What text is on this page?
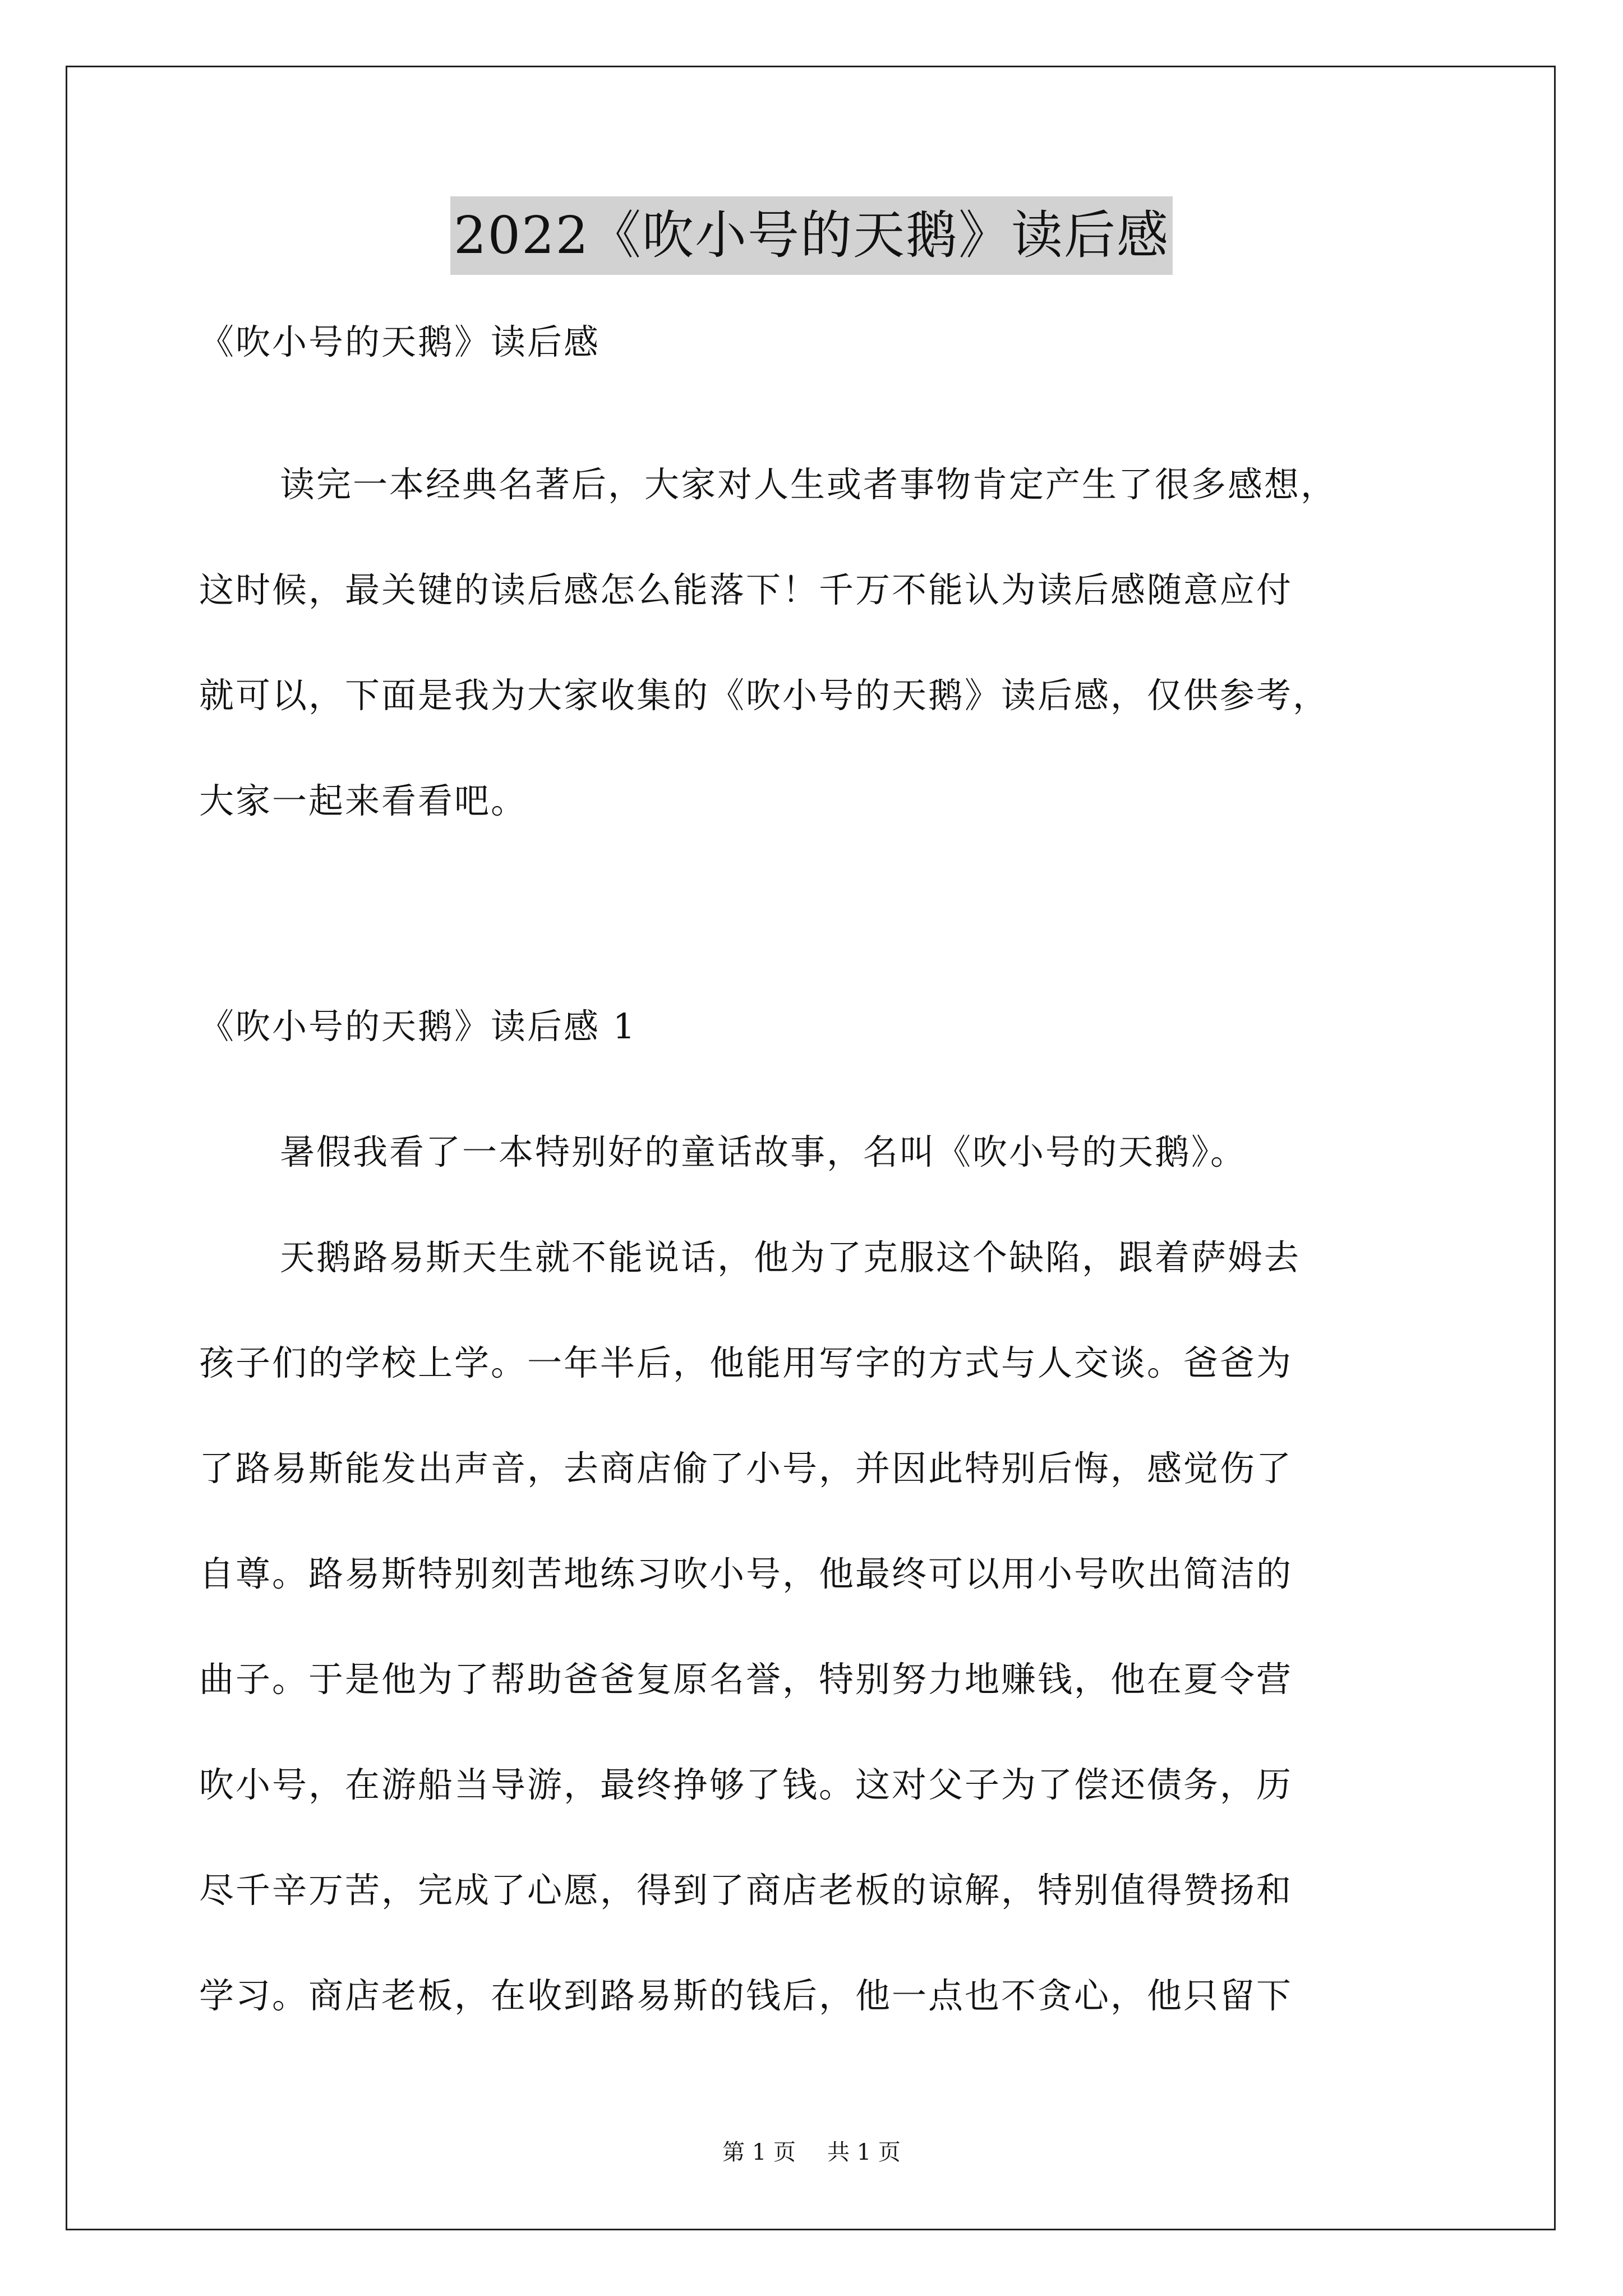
2022《吹小号的天鹅》读后感
《吹小号的天鹅》读后感
读完一本经典名著后，大家对人生或者事物肯定产生了很多感想，
这时候，最关键的读后感怎么能落下！千万不能认为读后感随意应付
就可以，下面是我为大家收集的《吹小号的天鹅》读后感，仅供参考，
大家一起来看看吧。
《吹小号的天鹅》读后感 1
暑假我看了一本特别好的童话故事，名叫《吹小号的天鹅》。
天鹅路易斯天生就不能说话，他为了克服这个缺陷，跟着萨姆去
孩子们的学校上学。一年半后，他能用写字的方式与人交谈。爸爸为
了路易斯能发出声音，去商店偷了小号，并因此特别后悔，感觉伤了
自尊。路易斯特别刻苦地练习吹小号，他最终可以用小号吹出简洁的
曲子。于是他为了帮助爸爸复原名誉，特别努力地赚钱，他在夏令营
吹小号，在游船当导游，最终挣够了钱。这对父子为了偿还债务，历
尽千辛万苦，完成了心愿，得到了商店老板的谅解，特别值得赞扬和
学习。商店老板，在收到路易斯的钱后，他一点也不贪心，他只留下
第 1 页 共 1 页
